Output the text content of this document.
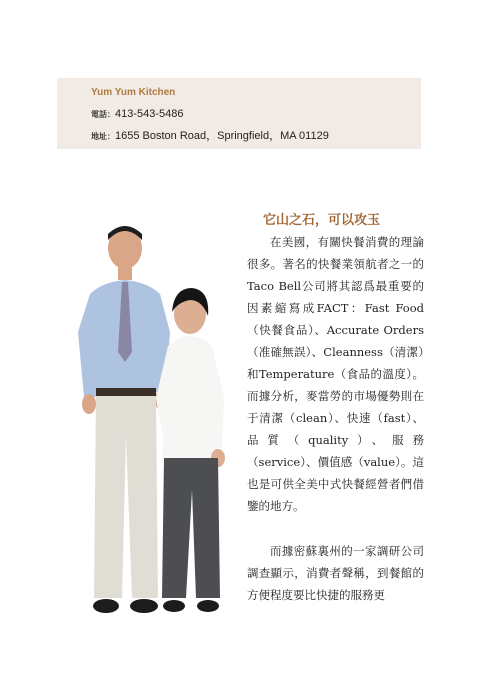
Yum Yum Kitchen
電話：413-543-5486
地址：1655 Boston Road，Springfield，MA 01129
它山之石，可以攻玉

在美國，有關快餐消費的理論很多。著名的快餐業領航者之一的Taco Bell公司將其認爲最重要的因素縮寫成FACT：Fast Food（快餐食品）、Accurate Orders（准確無誤）、Cleanness（清潔）和Temperature（食品的溫度）。而據分析，麥當勞的市場優勢則在于清潔（clean）、快速（fast）、品質（quality）、服務（service）、價值感（value）。這也是可供全美中式快餐經營者們借鑒的地方。

而據密蘇裏州的一家調研公司調查顯示，消費者聲稱，到餐館的方便程度要比快捷的服務更
